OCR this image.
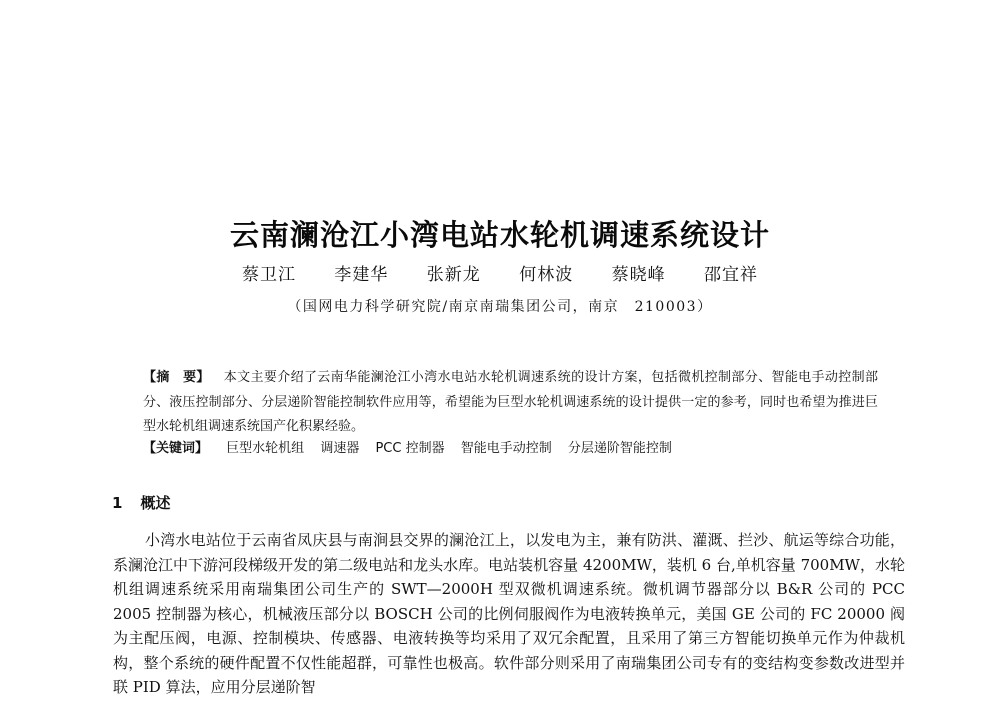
云南澜沧江小湾电站水轮机调速系统设计
蔡卫江 李建华 张新龙 何林波 蔡晓峰 邵宜祥
（国网电力科学研究院/南京南瑞集团公司，南京　210003）
【摘　要】 本文主要介绍了云南华能澜沧江小湾水电站水轮机调速系统的设计方案，包括微机控制部分、智能电手动控制部分、液压控制部分、分层递阶智能控制软件应用等，希望能为巨型水轮机调速系统的设计提供一定的参考，同时也希望为推进巨型水轮机组调速系统国产化积累经验。
【关键词】 巨型水轮机组 调速器 PCC 控制器 智能电手动控制 分层递阶智能控制
1 概述

小湾水电站位于云南省凤庆县与南涧县交界的澜沧江上，以发电为主，兼有防洪、灌溉、拦沙、航运等综合功能，系澜沧江中下游河段梯级开发的第二级电站和龙头水库。电站装机容量 4200MW，装机 6 台,单机容量 700MW，水轮机组调速系统采用南瑞集团公司生产的 SWT—2000H 型双微机调速系统。微机调节器部分以 B&R 公司的 PCC 2005 控制器为核心，机械液压部分以 BOSCH 公司的比例伺服阀作为电液转换单元，美国 GE 公司的 FC 20000 阀为主配压阀，电源、控制模块、传感器、电液转换等均采用了双冗余配置，且采用了第三方智能切换单元作为仲裁机构，整个系统的硬件配置不仅性能超群，可靠性也极高。软件部分则采用了南瑞集团公司专有的变结构变参数改进型并联 PID 算法，应用分层递阶智
